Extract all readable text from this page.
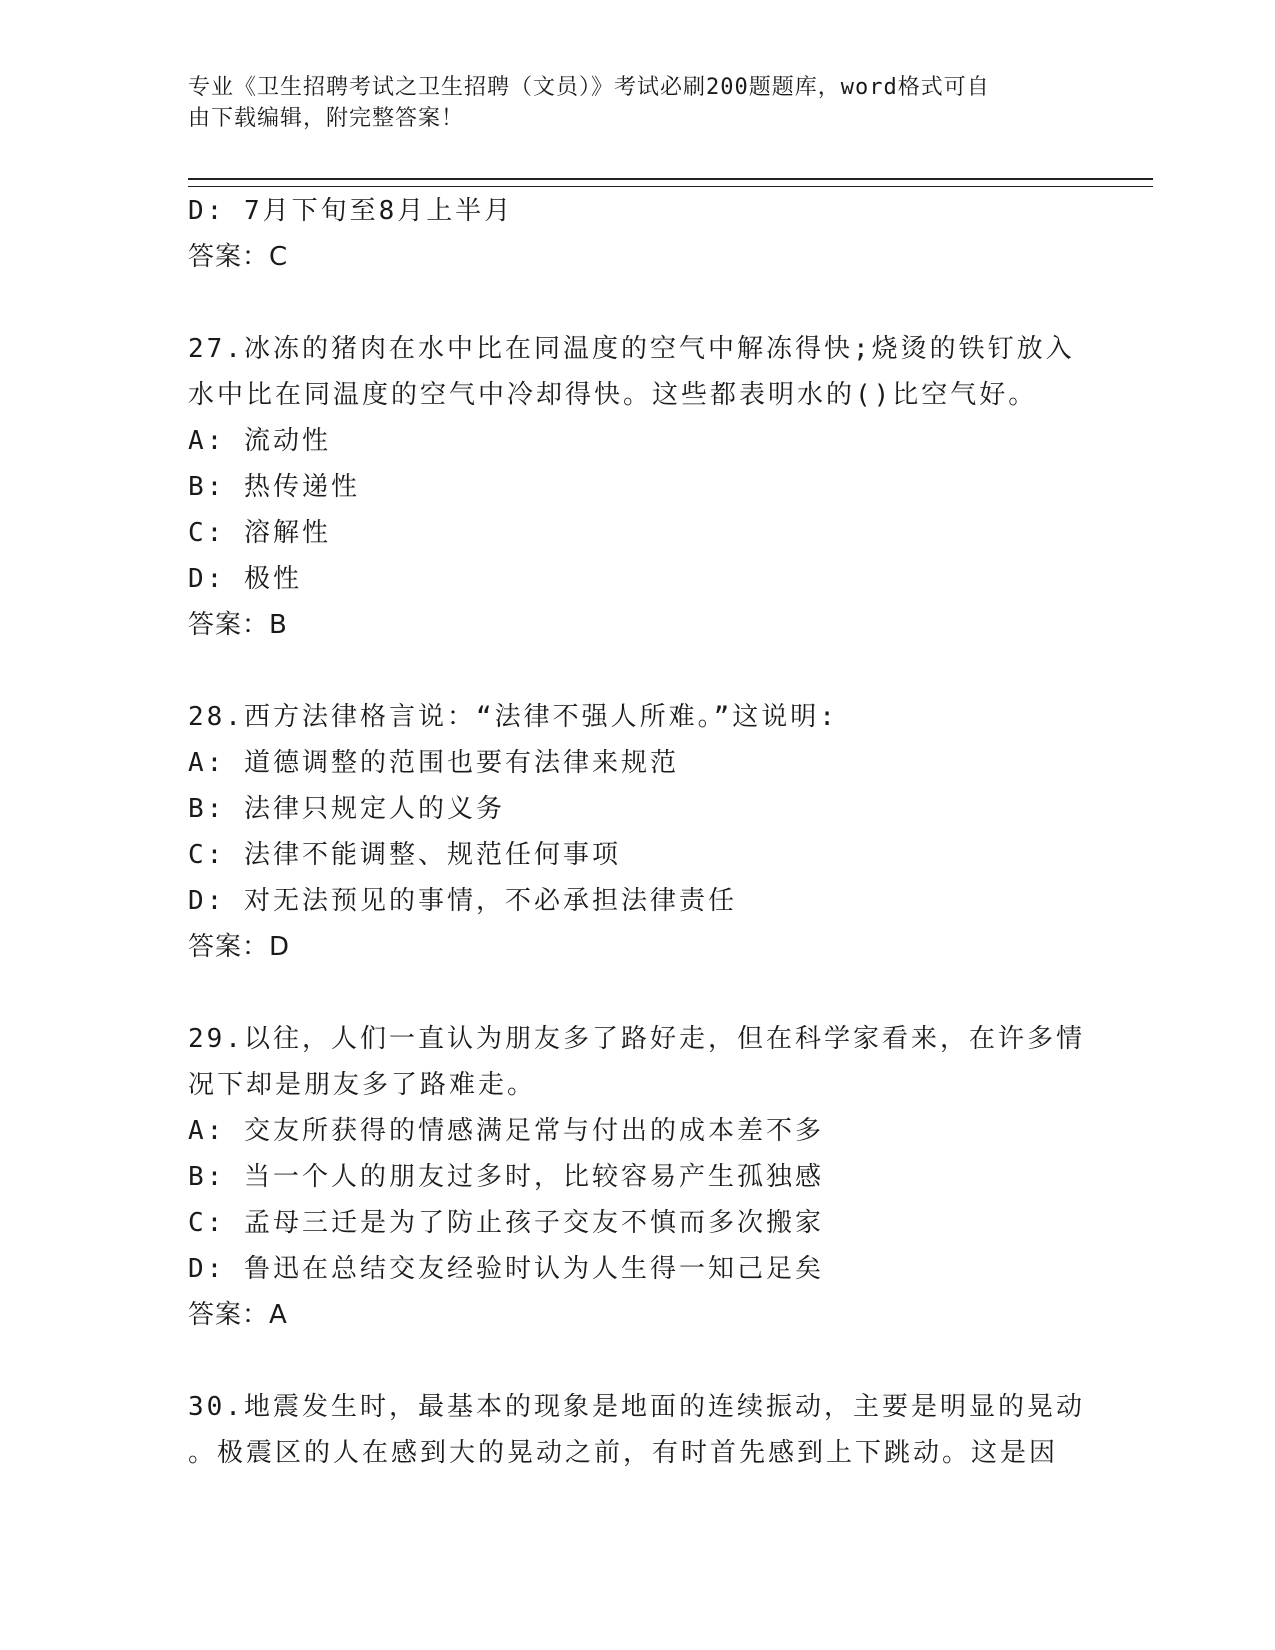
专业《卫生招聘考试之卫生招聘（文员）》考试必刷200题题库，word格式可自
由下载编辑，附完整答案！
D: 7月下旬至8月上半月
答案：C
27.冰冻的猪肉在水中比在同温度的空气中解冻得快;烧烫的铁钉放入
水中比在同温度的空气中冷却得快。这些都表明水的()比空气好。
A: 流动性
B: 热传递性
C: 溶解性
D: 极性
答案：B
28.西方法律格言说：“法律不强人所难。”这说明:
A: 道德调整的范围也要有法律来规范
B: 法律只规定人的义务
C: 法律不能调整、规范任何事项
D: 对无法预见的事情，不必承担法律责任
答案：D
29.以往，人们一直认为朋友多了路好走，但在科学家看来，在许多情
况下却是朋友多了路难走。
A: 交友所获得的情感满足常与付出的成本差不多
B: 当一个人的朋友过多时，比较容易产生孤独感
C: 孟母三迁是为了防止孩子交友不慎而多次搬家
D: 鲁迅在总结交友经验时认为人生得一知己足矣
答案：A
30.地震发生时，最基本的现象是地面的连续振动，主要是明显的晃动
。极震区的人在感到大的晃动之前，有时首先感到上下跳动。这是因
